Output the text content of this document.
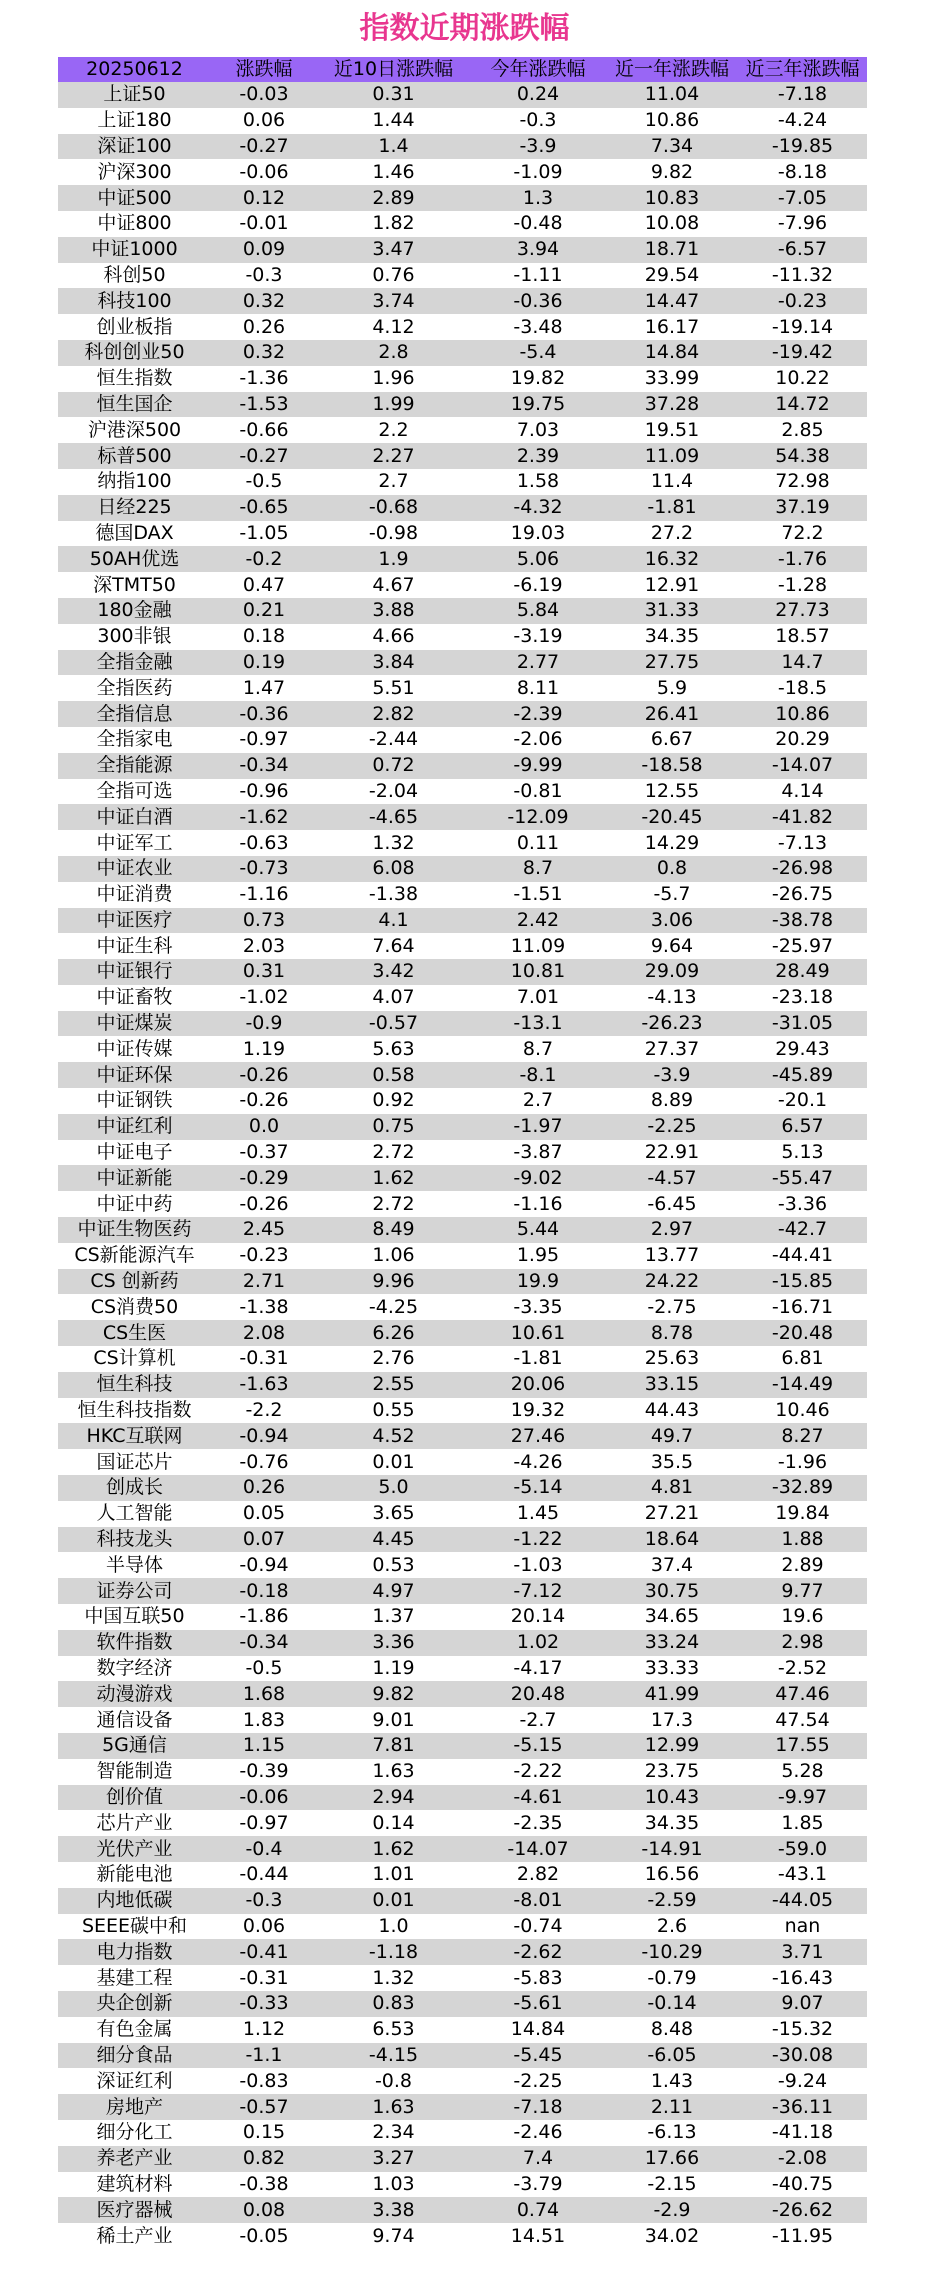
指数近期涨跌幅
20250612	涨跌幅	近10日涨跌幅	今年涨跌幅	近一年涨跌幅	近三年涨跌幅
上证50	-0.03	0.31	0.24	11.04	-7.18
上证180	0.06	1.44	-0.3	10.86	-4.24
深证100	-0.27	1.4	-3.9	7.34	-19.85
沪深300	-0.06	1.46	-1.09	9.82	-8.18
中证500	0.12	2.89	1.3	10.83	-7.05
中证800	-0.01	1.82	-0.48	10.08	-7.96
中证1000	0.09	3.47	3.94	18.71	-6.57
科创50	-0.3	0.76	-1.11	29.54	-11.32
科技100	0.32	3.74	-0.36	14.47	-0.23
创业板指	0.26	4.12	-3.48	16.17	-19.14
科创创业50	0.32	2.8	-5.4	14.84	-19.42
恒生指数	-1.36	1.96	19.82	33.99	10.22
恒生国企	-1.53	1.99	19.75	37.28	14.72
沪港深500	-0.66	2.2	7.03	19.51	2.85
标普500	-0.27	2.27	2.39	11.09	54.38
纳指100	-0.5	2.7	1.58	11.4	72.98
日经225	-0.65	-0.68	-4.32	-1.81	37.19
德国DAX	-1.05	-0.98	19.03	27.2	72.2
50AH优选	-0.2	1.9	5.06	16.32	-1.76
深TMT50	0.47	4.67	-6.19	12.91	-1.28
180金融	0.21	3.88	5.84	31.33	27.73
300非银	0.18	4.66	-3.19	34.35	18.57
全指金融	0.19	3.84	2.77	27.75	14.7
全指医药	1.47	5.51	8.11	5.9	-18.5
全指信息	-0.36	2.82	-2.39	26.41	10.86
全指家电	-0.97	-2.44	-2.06	6.67	20.29
全指能源	-0.34	0.72	-9.99	-18.58	-14.07
全指可选	-0.96	-2.04	-0.81	12.55	4.14
中证白酒	-1.62	-4.65	-12.09	-20.45	-41.82
中证军工	-0.63	1.32	0.11	14.29	-7.13
中证农业	-0.73	6.08	8.7	0.8	-26.98
中证消费	-1.16	-1.38	-1.51	-5.7	-26.75
中证医疗	0.73	4.1	2.42	3.06	-38.78
中证生科	2.03	7.64	11.09	9.64	-25.97
中证银行	0.31	3.42	10.81	29.09	28.49
中证畜牧	-1.02	4.07	7.01	-4.13	-23.18
中证煤炭	-0.9	-0.57	-13.1	-26.23	-31.05
中证传媒	1.19	5.63	8.7	27.37	29.43
中证环保	-0.26	0.58	-8.1	-3.9	-45.89
中证钢铁	-0.26	0.92	2.7	8.89	-20.1
中证红利	0.0	0.75	-1.97	-2.25	6.57
中证电子	-0.37	2.72	-3.87	22.91	5.13
中证新能	-0.29	1.62	-9.02	-4.57	-55.47
中证中药	-0.26	2.72	-1.16	-6.45	-3.36
中证生物医药	2.45	8.49	5.44	2.97	-42.7
CS新能源汽车	-0.23	1.06	1.95	13.77	-44.41
CS 创新药	2.71	9.96	19.9	24.22	-15.85
CS消费50	-1.38	-4.25	-3.35	-2.75	-16.71
CS生医	2.08	6.26	10.61	8.78	-20.48
CS计算机	-0.31	2.76	-1.81	25.63	6.81
恒生科技	-1.63	2.55	20.06	33.15	-14.49
恒生科技指数	-2.2	0.55	19.32	44.43	10.46
HKC互联网	-0.94	4.52	27.46	49.7	8.27
国证芯片	-0.76	0.01	-4.26	35.5	-1.96
创成长	0.26	5.0	-5.14	4.81	-32.89
人工智能	0.05	3.65	1.45	27.21	19.84
科技龙头	0.07	4.45	-1.22	18.64	1.88
半导体	-0.94	0.53	-1.03	37.4	2.89
证券公司	-0.18	4.97	-7.12	30.75	9.77
中国互联50	-1.86	1.37	20.14	34.65	19.6
软件指数	-0.34	3.36	1.02	33.24	2.98
数字经济	-0.5	1.19	-4.17	33.33	-2.52
动漫游戏	1.68	9.82	20.48	41.99	47.46
通信设备	1.83	9.01	-2.7	17.3	47.54
5G通信	1.15	7.81	-5.15	12.99	17.55
智能制造	-0.39	1.63	-2.22	23.75	5.28
创价值	-0.06	2.94	-4.61	10.43	-9.97
芯片产业	-0.97	0.14	-2.35	34.35	1.85
光伏产业	-0.4	1.62	-14.07	-14.91	-59.0
新能电池	-0.44	1.01	2.82	16.56	-43.1
内地低碳	-0.3	0.01	-8.01	-2.59	-44.05
SEEE碳中和	0.06	1.0	-0.74	2.6	nan
电力指数	-0.41	-1.18	-2.62	-10.29	3.71
基建工程	-0.31	1.32	-5.83	-0.79	-16.43
央企创新	-0.33	0.83	-5.61	-0.14	9.07
有色金属	1.12	6.53	14.84	8.48	-15.32
细分食品	-1.1	-4.15	-5.45	-6.05	-30.08
深证红利	-0.83	-0.8	-2.25	1.43	-9.24
房地产	-0.57	1.63	-7.18	2.11	-36.11
细分化工	0.15	2.34	-2.46	-6.13	-41.18
养老产业	0.82	3.27	7.4	17.66	-2.08
建筑材料	-0.38	1.03	-3.79	-2.15	-40.75
医疗器械	0.08	3.38	0.74	-2.9	-26.62
稀土产业	-0.05	9.74	14.51	34.02	-11.95
